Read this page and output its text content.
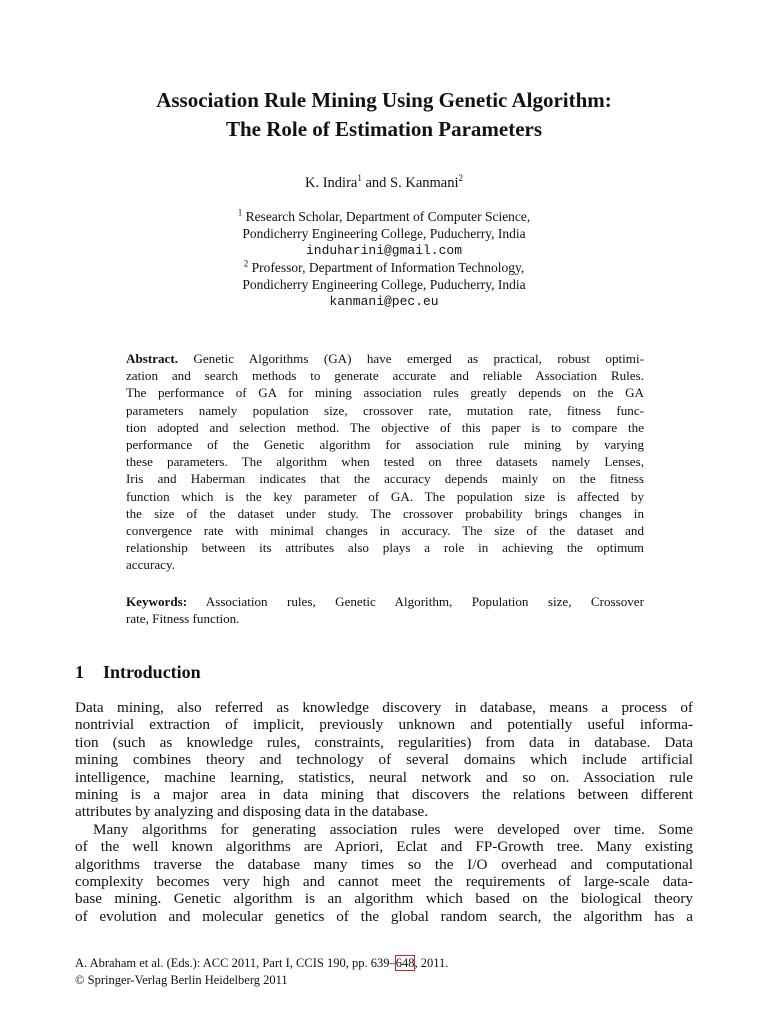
Association Rule Mining Using Genetic Algorithm:
The Role of Estimation Parameters
K. Indira$^1$ and S. Kanmani$^2$
$^1$ Research Scholar, Department of Computer Science,
Pondicherry Engineering College, Puducherry, India
induharini@gmail.com
$^2$ Professor, Department of Information Technology,
Pondicherry Engineering College, Puducherry, India
kanmani@pec.eu
Abstract. Genetic Algorithms (GA) have emerged as practical, robust optimi-
zation and search methods to generate accurate and reliable Association Rules.
The performance of GA for mining association rules greatly depends on the GA
parameters namely population size, crossover rate, mutation rate, fitness func-
tion adopted and selection method. The objective of this paper is to compare the
performance of the Genetic algorithm for association rule mining by varying
these parameters. The algorithm when tested on three datasets namely Lenses,
Iris and Haberman indicates that the accuracy depends mainly on the fitness
function which is the key parameter of GA. The population size is affected by
the size of the dataset under study. The crossover probability brings changes in
convergence rate with minimal changes in accuracy. The size of the dataset and
relationship between its attributes also plays a role in achieving the optimum
accuracy.
Keywords: Association rules, Genetic Algorithm, Population size, Crossover
rate, Fitness function.
1 Introduction
Data mining, also referred as knowledge discovery in database, means a process of
nontrivial extraction of implicit, previously unknown and potentially useful informa-
tion (such as knowledge rules, constraints, regularities) from data in database. Data
mining combines theory and technology of several domains which include artificial
intelligence, machine learning, statistics, neural network and so on. Association rule
mining is a major area in data mining that discovers the relations between different
attributes by analyzing and disposing data in the database.
Many algorithms for generating association rules were developed over time. Some
of the well known algorithms are Apriori, Eclat and FP-Growth tree. Many existing
algorithms traverse the database many times so the I/O overhead and computational
complexity becomes very high and cannot meet the requirements of large-scale data-
base mining. Genetic algorithm is an algorithm which based on the biological theory
of evolution and molecular genetics of the global random search, the algorithm has a
A. Abraham et al. (Eds.): ACC 2011, Part I, CCIS 190, pp. 639–648, 2011.
© Springer-Verlag Berlin Heidelberg 2011
